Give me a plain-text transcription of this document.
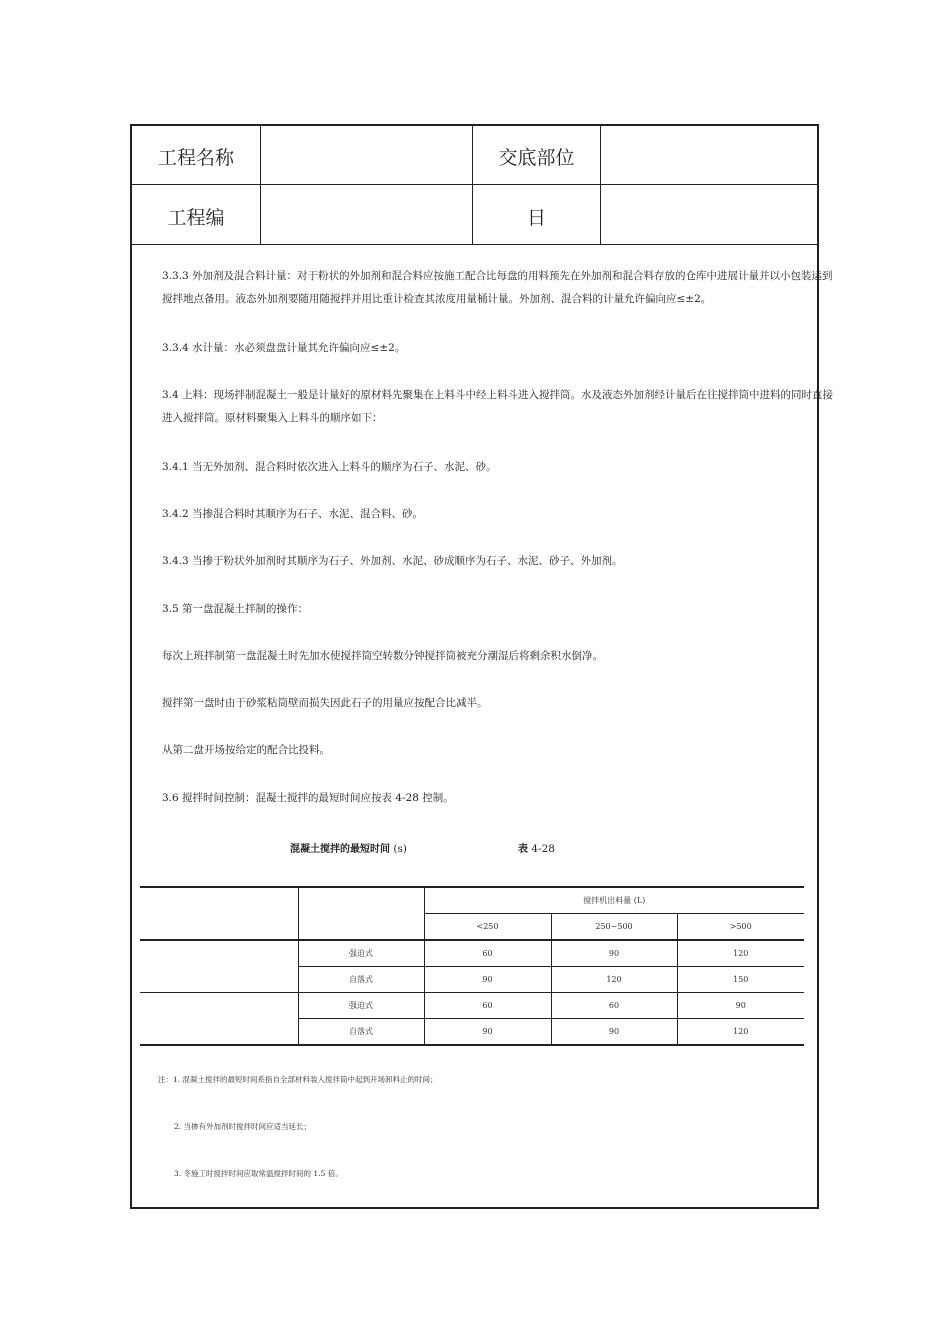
工程名称	交底部位
工程编	日
3.3.3 外加剂及混合料计量：对于粉状的外加剂和混合料应按施工配合比每盘的用料预先在外加剂和混合料存放的仓库中进展计量并以小包装运到搅拌地点备用。液态外加剂要随用随搅拌并用比重计检查其浓度用量桶计量。外加剂、混合料的计量允许偏向应≤±2。
3.3.4 水计量：水必须盘盘计量其允许偏向应≤±2。
3.4 上料：现场拌制混凝土一般是计量好的原材料先聚集在上料斗中经上料斗进入搅拌筒。水及液态外加剂经计量后在往搅拌筒中进料的同时直接进入搅拌筒。原材料聚集入上料斗的顺序如下：
3.4.1 当无外加剂、混合料时依次进入上料斗的顺序为石子、水泥、砂。
3.4.2 当掺混合料时其顺序为石子、水泥、混合料、砂。
3.4.3 当掺于粉状外加剂时其顺序为石子、外加剂、水泥、砂成顺序为石子、水泥、砂子、外加剂。
3.5 第一盘混凝土拌制的操作：
每次上班拌制第一盘混凝土时先加水使搅拌筒空转数分钟搅拌筒被充分潮湿后将剩余积水倒净。
搅拌第一盘时由于砂浆粘筒壁而损失因此石子的用量应按配合比减半。
从第二盘开场按给定的配合比投料。
3.6 搅拌时间控制：混凝土搅拌的最短时间应按表 4-28 控制。
混凝土搅拌的最短时间 (s)	表 4-28
		搅拌机出料量 (L)		
		<250	250~500	>500
	强迫式	60	90	120
	自落式	90	120	150
	强迫式	60	60	90
	自落式	90	90	120
注：1. 混凝土搅拌的最短时间系指自全部材料装入搅拌筒中起到开场卸料止的时间；
2. 当掺有外加剂时搅拌时间应适当延长；
3. 冬施工时搅拌时间应取常温搅拌时间的 1.5 倍。
